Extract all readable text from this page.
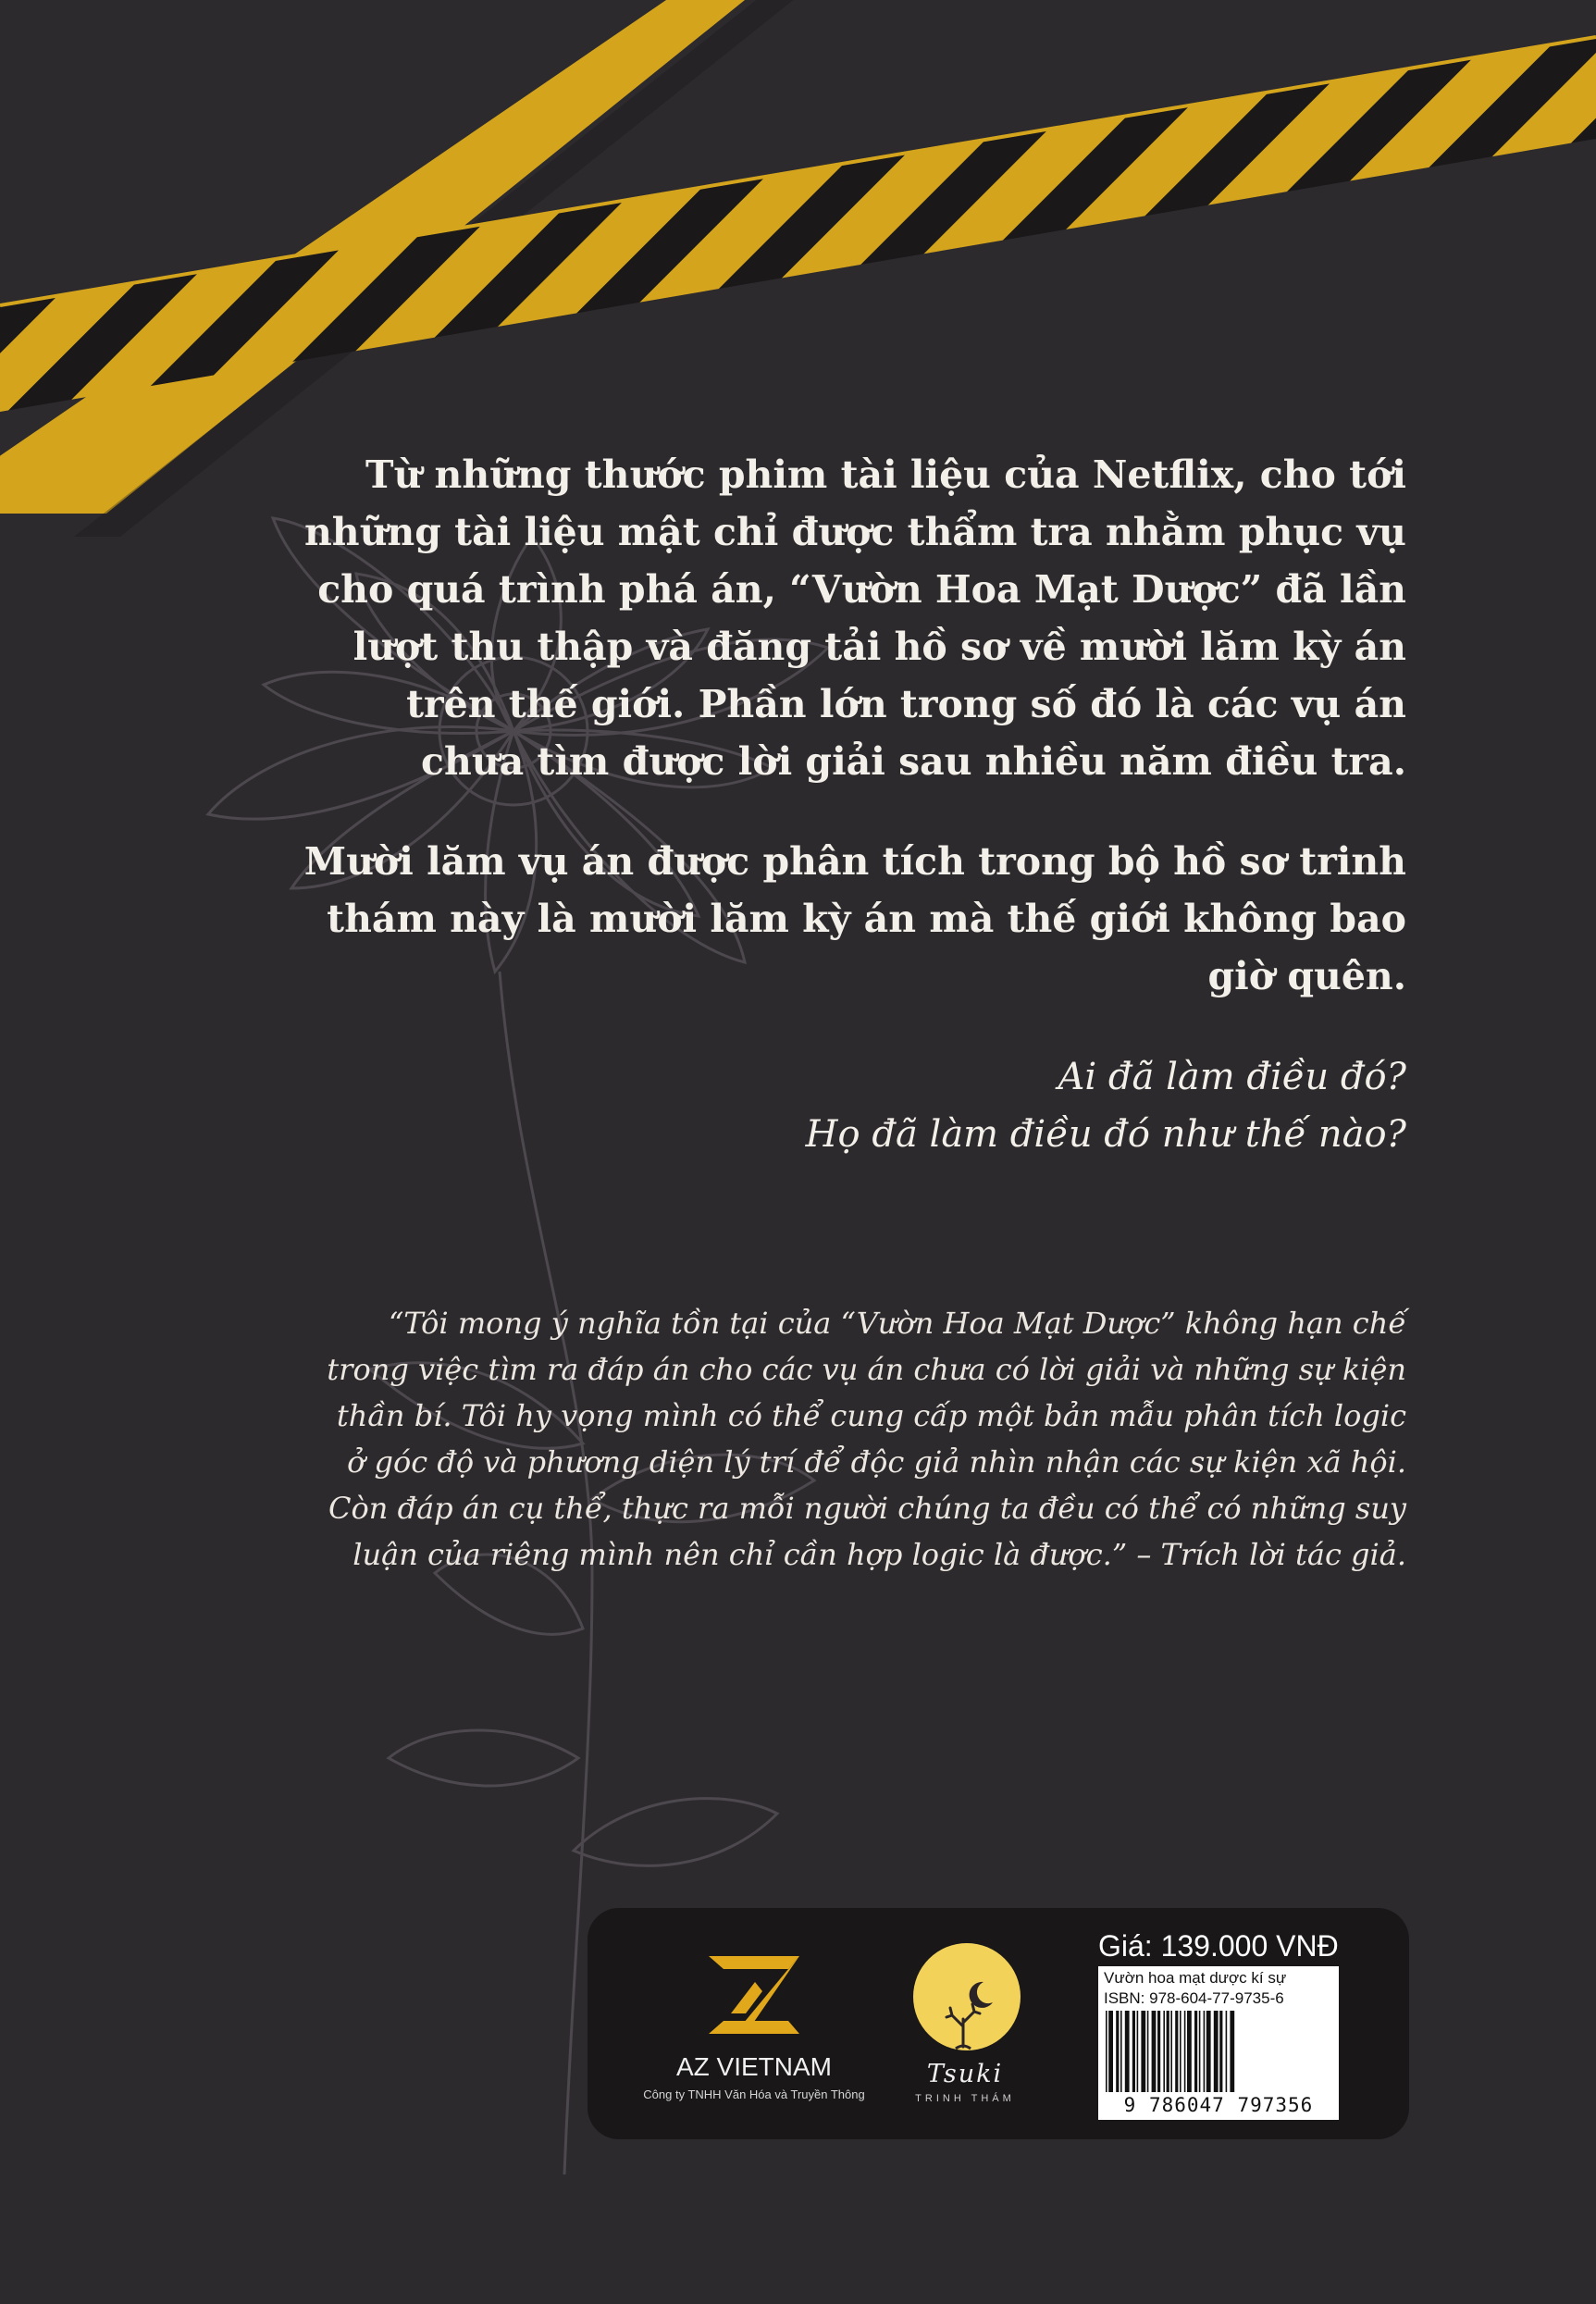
Từ những thước phim tài liệu của Netflix, cho tới những tài liệu mật chỉ được thẩm tra nhằm phục vụ cho quá trình phá án, “Vườn Hoa Mạt Dược” đã lần lượt thu thập và đăng tải hồ sơ về mười lăm kỳ án trên thế giới. Phần lớn trong số đó là các vụ án chưa tìm được lời giải sau nhiều năm điều tra.

Mười lăm vụ án được phân tích trong bộ hồ sơ trinh thám này là mười lăm kỳ án mà thế giới không bao giờ quên.

Ai đã làm điều đó?
Họ đã làm điều đó như thế nào?

“Tôi mong ý nghĩa tồn tại của “Vườn Hoa Mạt Dược” không hạn chế trong việc tìm ra đáp án cho các vụ án chưa có lời giải và những sự kiện thần bí. Tôi hy vọng mình có thể cung cấp một bản mẫu phân tích logic ở góc độ và phương diện lý trí để độc giả nhìn nhận các sự kiện xã hội. Còn đáp án cụ thể, thực ra mỗi người chúng ta đều có thể có những suy luận của riêng mình nên chỉ cần hợp logic là được.” – Trích lời tác giả.

AZ VIETNAM
Công ty TNHH Văn Hóa và Truyền Thông
Tsuki
TRINH THÁM
Giá: 139.000 VNĐ
Vườn hoa mạt dược kí sự
ISBN: 978-604-77-9735-6
9 786047 797356
